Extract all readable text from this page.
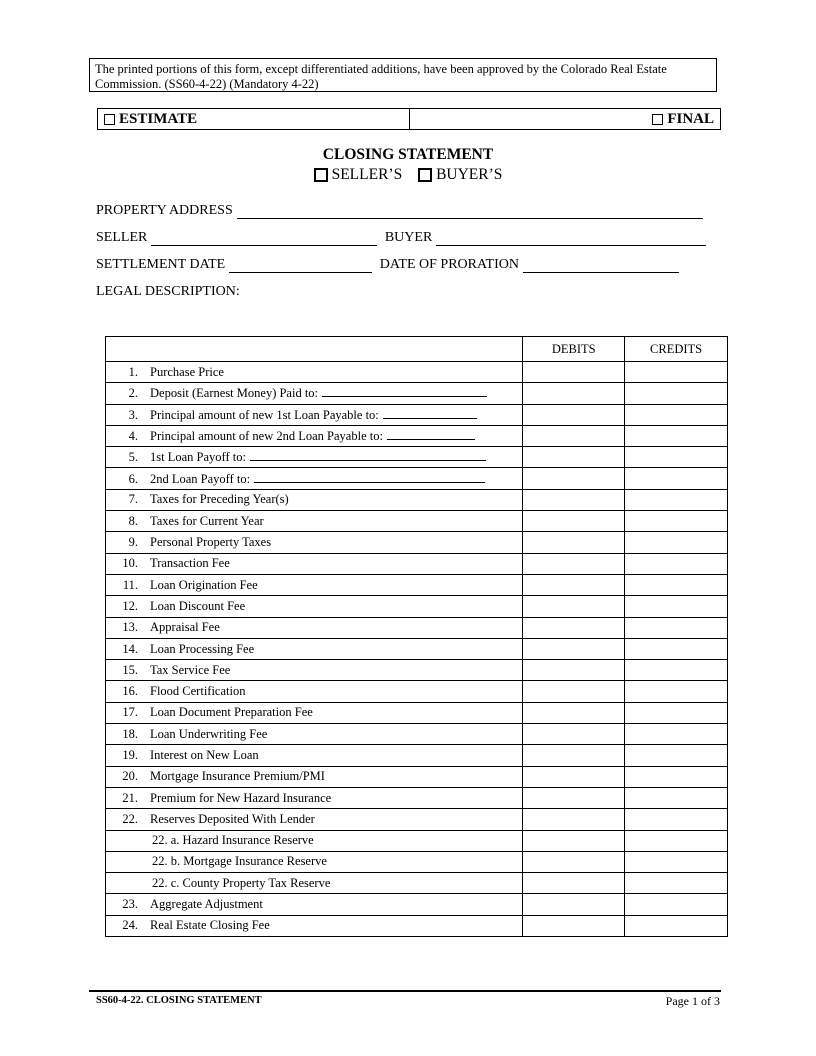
The printed portions of this form, except differentiated additions, have been approved by the Colorado Real Estate Commission. (SS60-4-22) (Mandatory 4-22)
ESTIMATE	FINAL
CLOSING STATEMENT
SELLER’S BUYER’S
PROPERTY ADDRESS
SELLER	BUYER
SETTLEMENT DATE	DATE OF PRORATION
LEGAL DESCRIPTION:
	DEBITS	CREDITS
1. Purchase Price		
2. Deposit (Earnest Money) Paid to:		
3. Principal amount of new 1st Loan Payable to:		
4. Principal amount of new 2nd Loan Payable to:		
5. 1st Loan Payoff to:		
6. 2nd Loan Payoff to:		
7. Taxes for Preceding Year(s)		
8. Taxes for Current Year		
9. Personal Property Taxes		
10. Transaction Fee		
11. Loan Origination Fee		
12. Loan Discount Fee		
13. Appraisal Fee		
14. Loan Processing Fee		
15. Tax Service Fee		
16. Flood Certification		
17. Loan Document Preparation Fee		
18. Loan Underwriting Fee		
19. Interest on New Loan		
20. Mortgage Insurance Premium/PMI		
21. Premium for New Hazard Insurance		
22. Reserves Deposited With Lender		
22. a. Hazard Insurance Reserve		
22. b. Mortgage Insurance Reserve		
22. c. County Property Tax Reserve		
23. Aggregate Adjustment		
24. Real Estate Closing Fee		
SS60-4-22. CLOSING STATEMENT	Page 1 of 3
